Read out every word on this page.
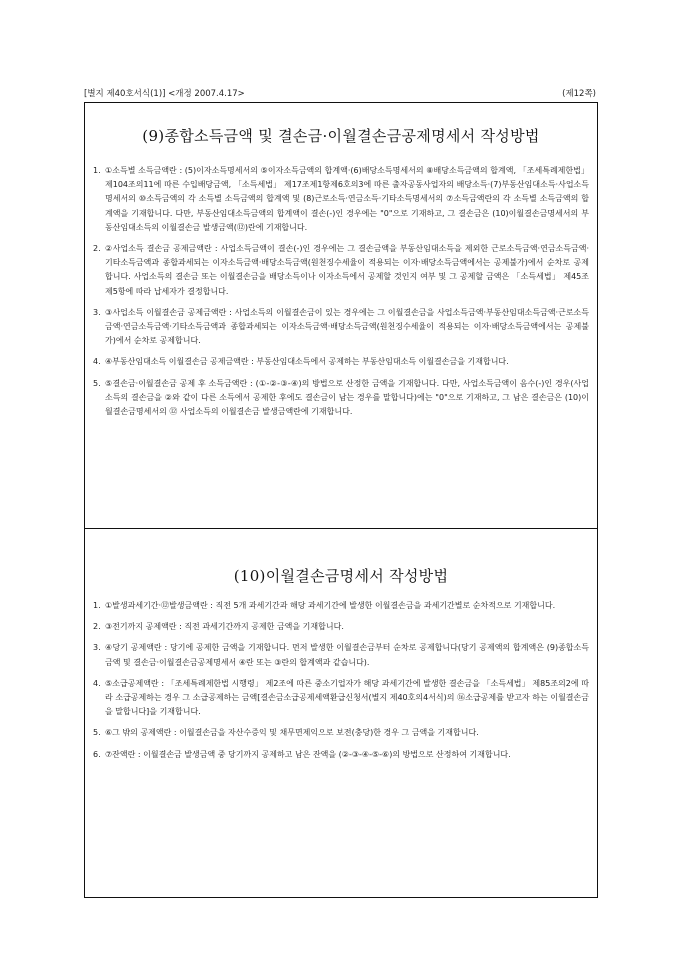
[별지 제40호서식(1)] <개정 2007.4.17>	(제12쪽)
(9)종합소득금액 및 결손금·이월결손금공제명세서 작성방법
1. ①소득별 소득금액란 : (5)이자소득명세서의 ⑤이자소득금액의 합계액·(6)배당소득명세서의 ⑧배당소득금액의 합계액, 「조세특례제한법」 제104조의11에 따른 수입배당금액, 「소득세법」 제17조제1항제6호의3에 따른 출자공동사업자의 배당소득·(7)부동산임대소득·사업소득명세서의 ⑩소득금액의 각 소득별 소득금액의 합계액 및 (8)근로소득·연금소득·기타소득명세서의 ⑦소득금액란의 각 소득별 소득금액의 합계액을 기재합니다. 다만, 부동산임대소득금액의 합계액이 결손(-)인 경우에는 "0"으로 기재하고, 그 결손금은 (10)이월결손금명세서의 부동산임대소득의 이월결손금 발생금액(⑫)란에 기재합니다.
2. ②사업소득 결손금 공제금액란 : 사업소득금액이 결손(-)인 경우에는 그 결손금액을 부동산임대소득을 제외한 근로소득금액·연금소득금액·기타소득금액과 종합과세되는 이자소득금액·배당소득금액(원천징수세율이 적용되는 이자·배당소득금액에서는 공제불가)에서 순차로 공제합니다. 사업소득의 결손금 또는 이월결손금을 배당소득이나 이자소득에서 공제할 것인지 여부 및 그 공제할 금액은 「소득세법」 제45조제5항에 따라 납세자가 결정합니다.
3. ③사업소득 이월결손금 공제금액란 : 사업소득의 이월결손금이 있는 경우에는 그 이월결손금을 사업소득금액·부동산임대소득금액·근로소득금액·연금소득금액·기타소득금액과 종합과세되는 이자소득금액·배당소득금액(원천징수세율이 적용되는 이자·배당소득금액에서는 공제불가)에서 순차로 공제합니다.
4. ④부동산임대소득 이월결손금 공제금액란 : 부동산임대소득에서 공제하는 부동산임대소득 이월결손금을 기재합니다.
5. ⑤결손금·이월결손금 공제 후 소득금액란 : (①-②-③-④)의 방법으로 산정한 금액을 기재합니다. 다만, 사업소득금액이 음수(-)인 경우(사업소득의 결손금을 ②와 같이 다른 소득에서 공제한 후에도 결손금이 남는 경우를 말합니다)에는 "0"으로 기재하고, 그 남은 결손금은 (10)이월결손금명세서의 ⑫ 사업소득의 이월결손금 발생금액란에 기재합니다.
(10)이월결손금명세서 작성방법
1. ①발생과세기간·⑫발생금액란 : 직전 5개 과세기간과 해당 과세기간에 발생한 이월결손금을 과세기간별로 순차적으로 기재합니다.
2. ③전기까지 공제액란 : 직전 과세기간까지 공제한 금액을 기재합니다.
3. ④당기 공제액란 : 당기에 공제한 금액을 기재합니다. 먼저 발생한 이월결손금부터 순차로 공제합니다(당기 공제액의 합계액은 (9)종합소득금액 및 결손금·이월결손금공제명세서 ④란 또는 ③란의 합계액과 같습니다).
4. ⑤소급공제액란 : 「조세특례제한법 시행령」 제2조에 따른 중소기업자가 해당 과세기간에 발생한 결손금을 「소득세법」 제85조의2에 따라 소급공제하는 경우 그 소급공제하는 금액[결손금소급공제세액환급신청서(별지 제40호의4서식)의 ⑯소급공제를 받고자 하는 이월결손금을 말합니다]을 기재합니다.
5. ⑥그 밖의 공제액란 : 이월결손금을 자산수증익 및 채무면제익으로 보전(충당)한 경우 그 금액을 기재합니다.
6. ⑦잔액란 : 이월결손금 발생금액 중 당기까지 공제하고 남은 잔액을 (②-③-④-⑤-⑥)의 방법으로 산정하여 기재합니다.
